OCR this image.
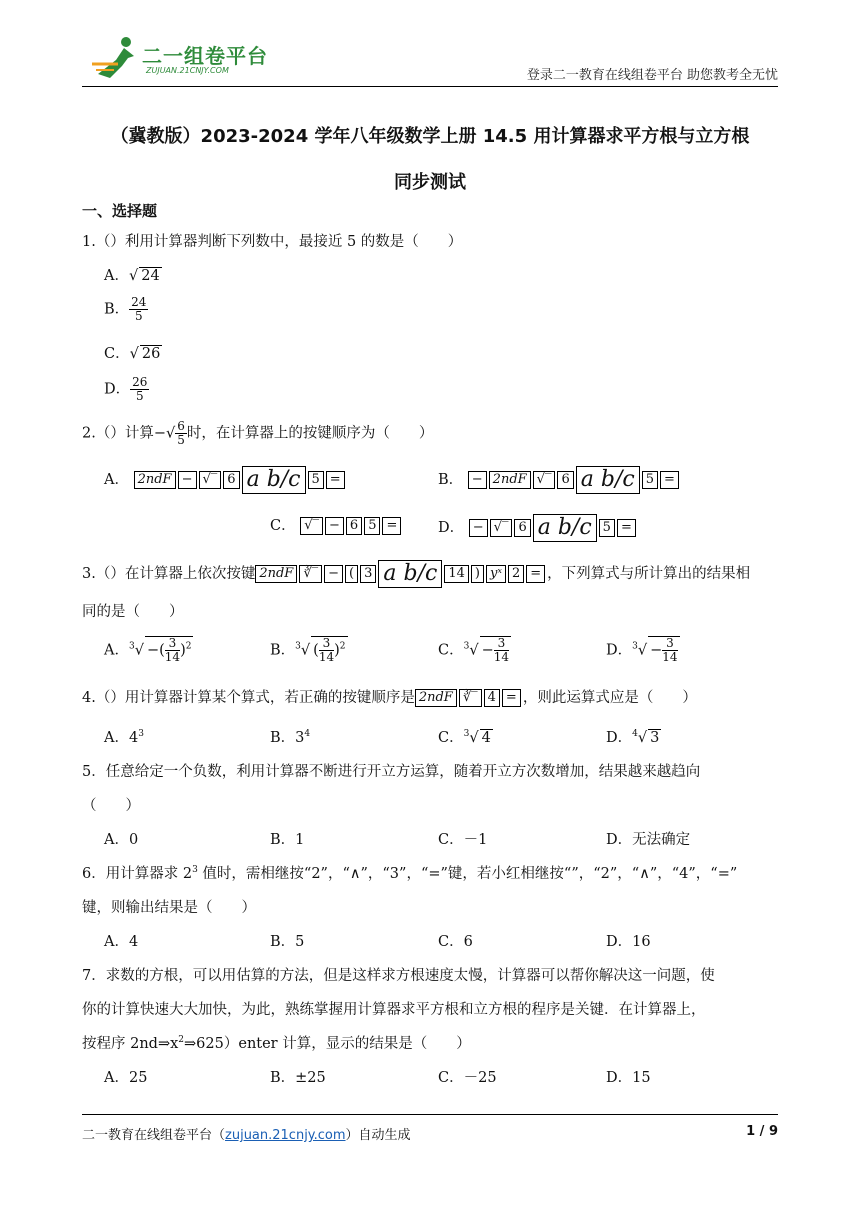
二一组卷平台
ZUJUAN.21CNJY.COM	登录二一教育在线组卷平台 助您教考全无忧
（冀教版）2023-2024 学年八年级数学上册 14.5 用计算器求平方根与立方根
同步测试
一、选择题
1.（）利用计算器判断下列数中，最接近 5 的数是（　　）
A．√ 24
B． $\frac{24}{5}$
C．√ 26
D． $\frac{26}{5}$
2.（）计算−√ $\frac{6}{5}$ 时，在计算器上的按键顺序为（　　）
A． 2ndF − √‾ 6 a b/c 5 =	B． − 2ndF √‾ 6 a b/c 5 =
C． √‾ − 6 5 =	D． − √‾ 6 a b/c 5 =
3.（）在计算器上依次按键 2ndF ∛‾ − ( 3 a b/c 14 ) yˣ 2 = ，下列算式与所计算出的结果相
同的是（　　）
A．$^3$√ −( $\frac{3}{14} )^2$	B．$^3$√ ( $\frac{3}{14} )^2$	C．$^3√ - \frac{3}{14}$	D．$^3√ - \frac{3}{14}$
4.（）用计算器计算某个算式，若正确的按键顺序是 2ndF ∛‾ 4 = ，则此运算式应是（　　）
A．$4^3$	B．$3^4$	C．$^3$√ 4	D．$^4$√ 3
5．任意给定一个负数，利用计算器不断进行开立方运算，随着开立方次数增加，结果越来越趋向
（　　）
A．0	B．1	C．－1	D．无法确定
6．用计算器求 $2^3$ 值时，需相继按“2”，“∧”，“3”，“=”键，若小红相继按“”，“2”，“∧”，“4”，“=”
键，则输出结果是（　　）
A．4	B．5	C．6	D．16
7．求数的方根，可以用估算的方法，但是这样求方根速度太慢，计算器可以帮你解决这一问题，使
你的计算快速大大加快，为此，熟练掌握用计算器求平方根和立方根的程序是关键．在计算器上，
按程序 $2nd\Rightarrow x^2\Rightarrow 625)enter$ 计算，显示的结果是（　　）
A．25	B．±25	C．－25	D．15
二一教育在线组卷平台（zujuan.21cnjy.com）自动生成	1 / 9
